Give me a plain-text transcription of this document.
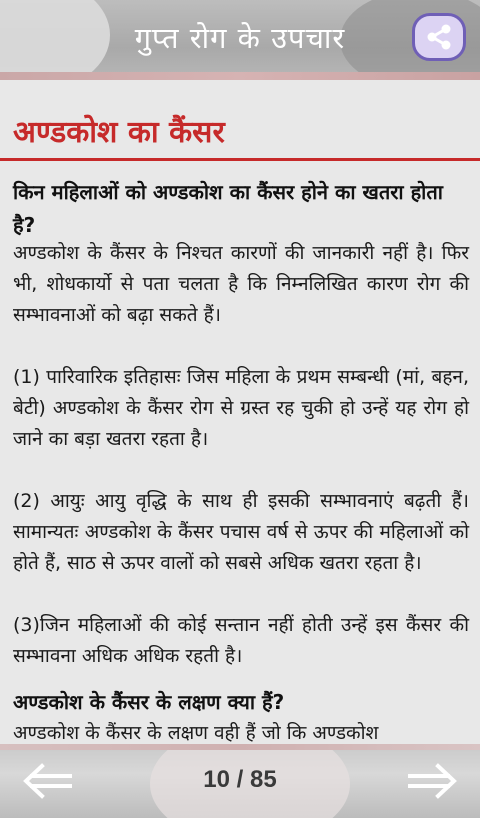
गुप्त रोग के उपचार
अण्डकोश का कैंसर
किन महिलाओं को अण्डकोश का कैंसर होने का खतरा होता है?
अण्डकोश के कैंसर के निश्चत कारणों की जानकारी नहीं है। फिर भी, शोधकार्यो से पता चलता है कि निम्नलिखित कारण रोग की सम्भावनाओं को बढ़ा सकते हैं।
(1) पारिवारिक इतिहासः जिस महिला के प्रथम सम्बन्धी (मां, बहन, बेटी) अण्डकोश के कैंसर रोग से ग्रस्त रह चुकी हो उन्हें यह रोग हो जाने का बड़ा खतरा रहता है।
(2) आयुः आयु वृद्धि के साथ ही इसकी सम्भावनाएं बढ़ती हैं। सामान्यतः अण्डकोश के कैंसर पचास वर्ष से ऊपर की महिलाओं को होते हैं, साठ से ऊपर वालों को सबसे अधिक खतरा रहता है।
(3)जिन महिलाओं की कोई सन्तान नहीं होती उन्हें इस कैंसर की सम्भावना अधिक अधिक रहती है।
अण्डकोश के कैंसर के लक्षण क्या हैं?
अण्डकोश के कैंसर के लक्षण वही हैं जो कि अण्डकोश
10 / 85
